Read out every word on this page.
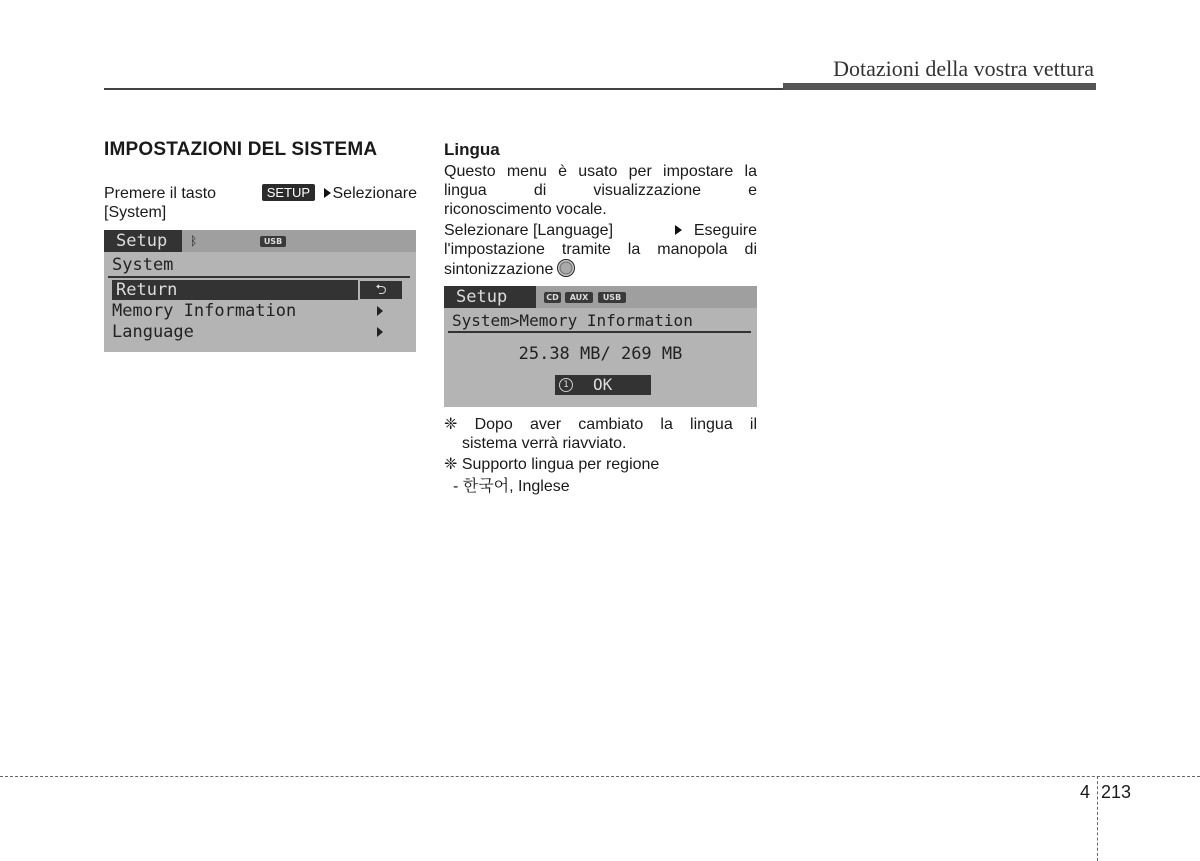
Dotazioni della vostra vettura
IMPOSTAZIONI DEL SISTEMA
Premere il tasto	SETUP Selezionare
[System]
Setup	ᛒ	USB
System
Return	⮌
Memory Information
Language
Lingua
Questo menu è usato per impostare la
lingua di visualizzazione e
riconoscimento vocale.
Selezionare [Language]	Eseguire
l'impostazione tramite la manopola di
sintonizzazione
Setup	CD	AUX	USB
System>Memory Information
25.38 MB/ 269 MB
1 OK
❈ Dopo aver cambiato la lingua il
sistema verrà riavviato.
❈ Supporto lingua per regione
- 한국어, Inglese
4 213
